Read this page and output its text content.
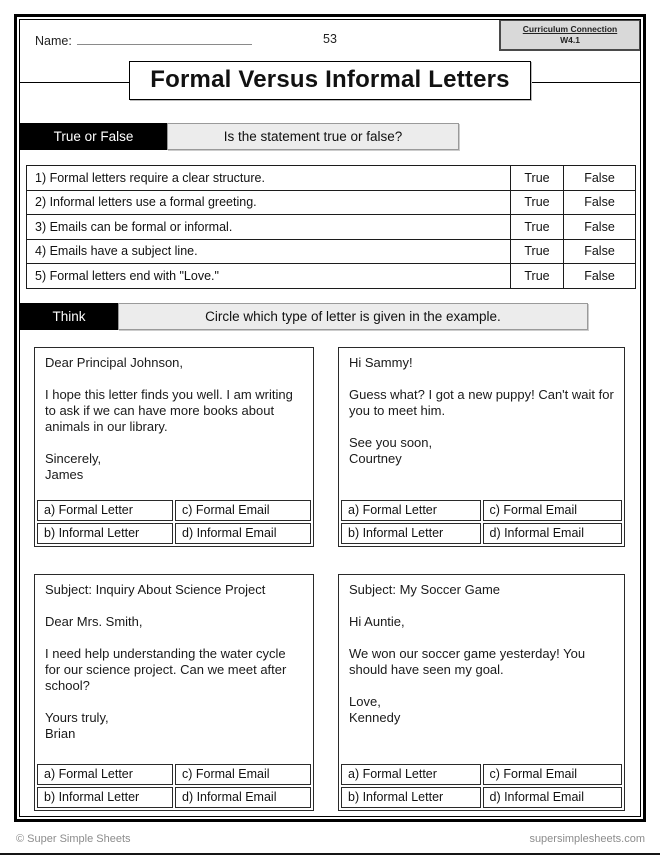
Name:	53
Curriculum Connection
W4.1
Formal Versus Informal Letters
True or False	Is the statement true or false?
1) Formal letters require a clear structure.	True	False
2) Informal letters use a formal greeting.	True	False
3) Emails can be formal or informal.	True	False
4) Emails have a subject line.	True	False
5) Formal letters end with "Love."	True	False
Think	Circle which type of letter is given in the example.
Dear Principal Johnson,

I hope this letter finds you well. I am writing to ask if we can have more books about animals in our library.

Sincerely,
James
a) Formal Letter	c) Formal Email
b) Informal Letter	d) Informal Email
Hi Sammy!

Guess what? I got a new puppy! Can't wait for you to meet him.

See you soon,
Courtney
a) Formal Letter	c) Formal Email
b) Informal Letter	d) Informal Email
Subject: Inquiry About Science Project

Dear Mrs. Smith,

I need help understanding the water cycle for our science project. Can we meet after school?

Yours truly,
Brian
a) Formal Letter	c) Formal Email
b) Informal Letter	d) Informal Email
Subject: My Soccer Game

Hi Auntie,

We won our soccer game yesterday! You should have seen my goal.

Love,
Kennedy
a) Formal Letter	c) Formal Email
b) Informal Letter	d) Informal Email
© Super Simple Sheets	supersimplesheets.com
